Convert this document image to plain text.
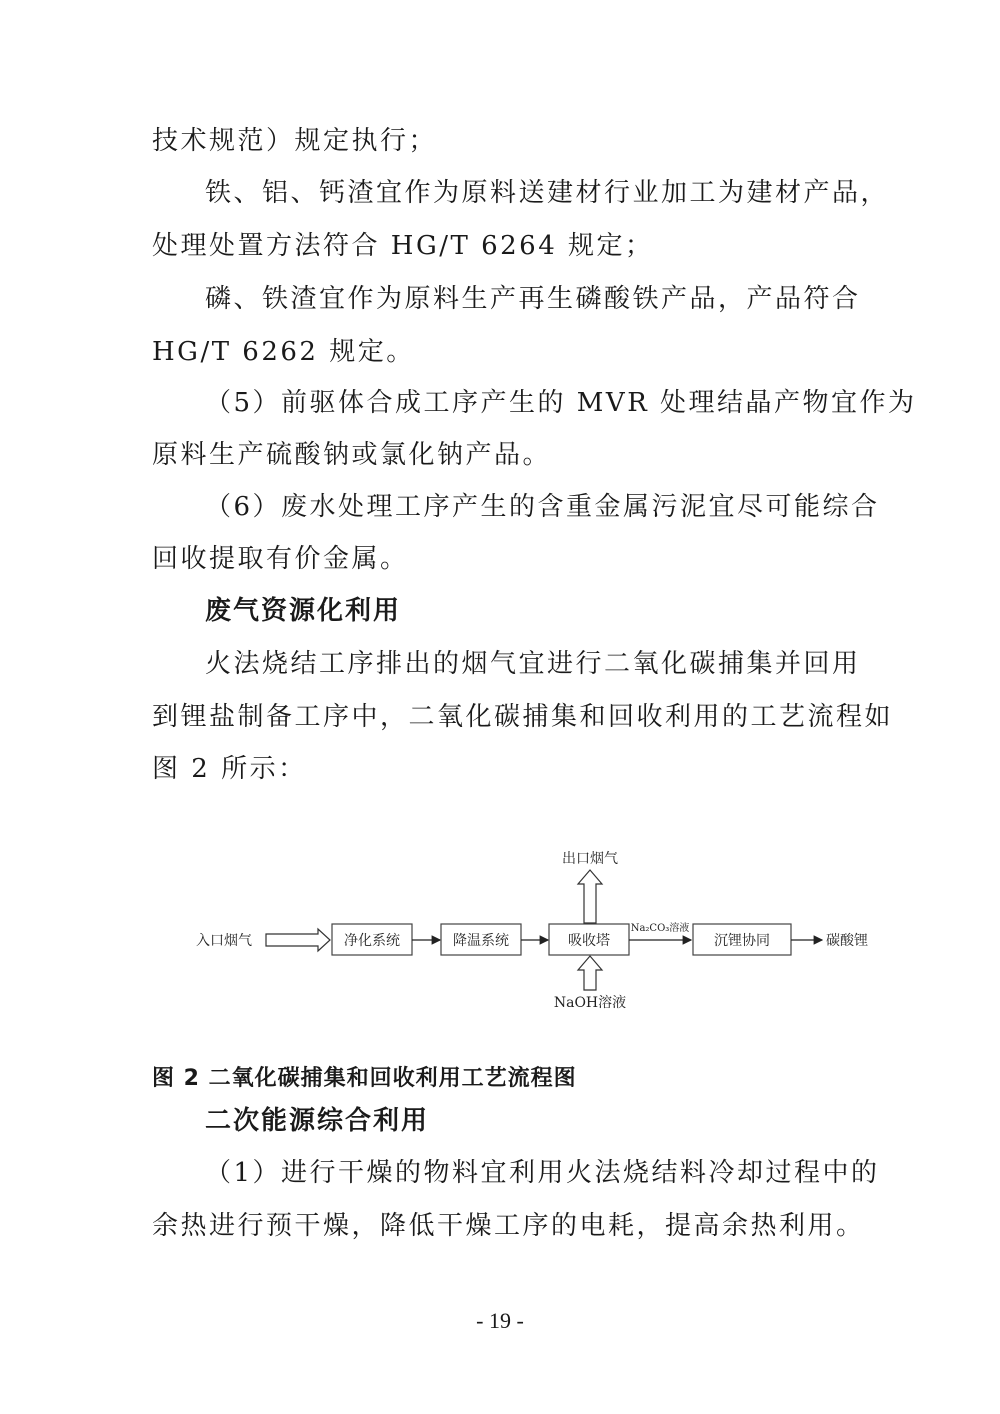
技术规范）规定执行；
铁、铝、钙渣宜作为原料送建材行业加工为建材产品，
处理处置方法符合 HG/T 6264 规定；
磷、铁渣宜作为原料生产再生磷酸铁产品，产品符合
HG/T 6262 规定。
（5）前驱体合成工序产生的 MVR 处理结晶产物宜作为
原料生产硫酸钠或氯化钠产品。
（6）废水处理工序产生的含重金属污泥宜尽可能综合
回收提取有价金属。
废气资源化利用
火法烧结工序排出的烟气宜进行二氧化碳捕集并回用
到锂盐制备工序中，二氧化碳捕集和回收利用的工艺流程如
图 2 所示：
入口烟气	净化系统	降温系统	吸收塔
出口烟气
NaOH溶液
Na₂CO₃溶液
沉锂协同	碳酸锂
图 2 二氧化碳捕集和回收利用工艺流程图
二次能源综合利用
（1）进行干燥的物料宜利用火法烧结料冷却过程中的
余热进行预干燥，降低干燥工序的电耗，提高余热利用。
- 19 -
